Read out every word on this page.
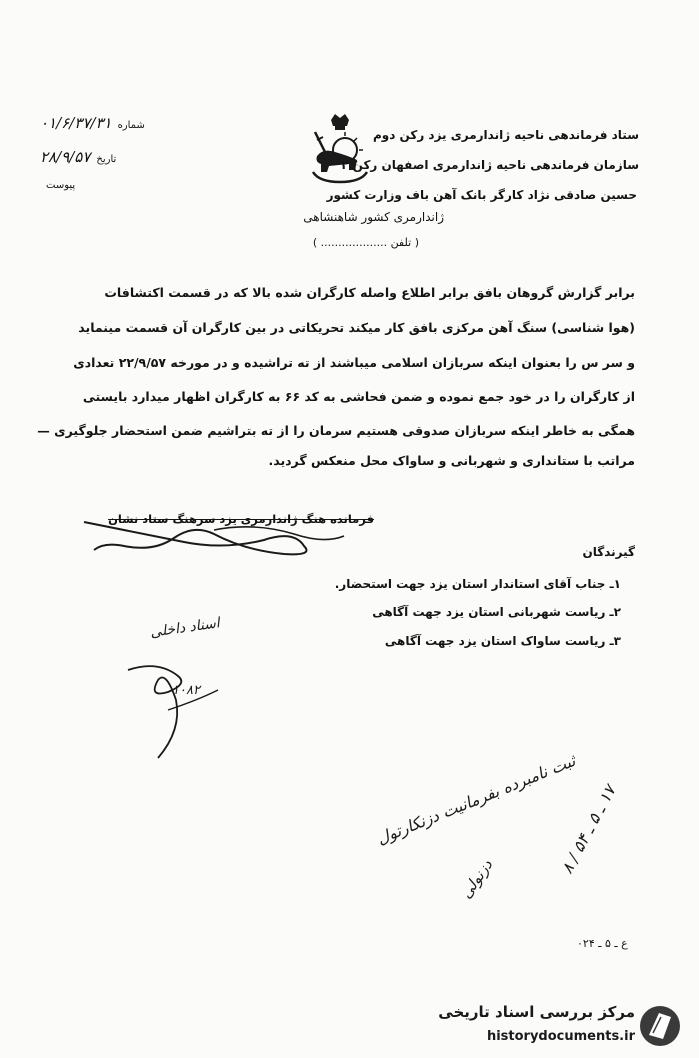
شماره
۰۱/۶/۳۷/۳۱
تاریخ
۲۸/۹/۵۷
پیوست
ستاد فرماندهی ناحیه ژاندارمری یزد رکن دوم
سازمان فرماندهی ناحیه ژاندارمری اصفهان رکن ۲
حسین صادقی نژاد کارگر بانک آهن باف وزارت کشور
ژاندارمری کشور شاهنشاهی
( تلفن ................... )
برابر گزارش گروهان بافق برابر اطلاع واصله کارگران شده بالا که در قسمت اکتشافات
(هوا شناسی) سنگ آهن مرکزی بافق کار میکند تحریکاتی در بین کارگران آن قسمت مینماید
و سر س را بعنوان اینکه سربازان اسلامی میباشند از ته تراشیده و در مورخه ۲۲/۹/۵۷ تعدادی
از کارگران را در خود جمع نموده و ضمن فحاشی به کد ۶۶ به کارگران اظهار میدارد بایستی
همگی به خاطر اینکه سربازان صدوقی هستیم سرمان را از ته بتراشیم ضمن استحضار جلوگیری —
مراتب با ستانداری و شهربانی و ساواک محل منعکس گردید.
فرمانده هنگ ژاندارمری یزد سرهنگ ستاد نشان
گیرندگان
۱ـ جناب آقای استاندار استان یزد جهت استحضار.
۲ـ ریاست شهربانی استان یزد جهت آگاهی
۳ـ ریاست ساواک استان یزد جهت آگاهی
اسناد داخلی
۱۰۸۲
ثبت نامبرده بفرمانیت دزنکارتول
۱۷ ـ ۵ ـ ۵۴ / ۸
دزنولی
ع ـ ۵ ـ ۰۲۴
مرکز بررسی اسناد تاریخی
historydocuments.ir
